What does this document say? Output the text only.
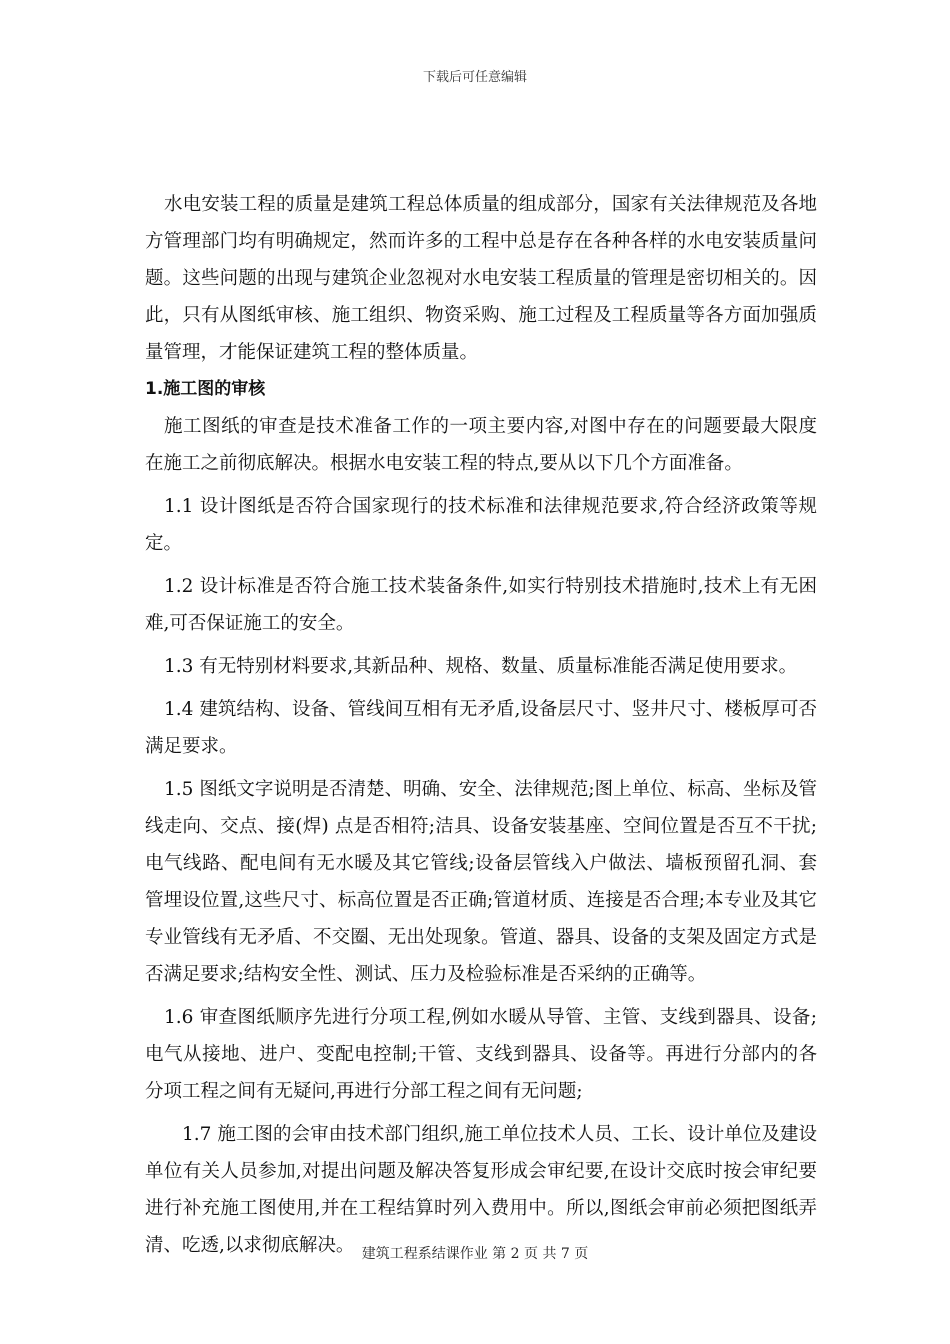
下载后可任意编辑

水电安装工程的质量是建筑工程总体质量的组成部分，国家有关法律规范及各地方管理部门均有明确规定，然而许多的工程中总是存在各种各样的水电安装质量问题。这些问题的出现与建筑企业忽视对水电安装工程质量的管理是密切相关的。因此，只有从图纸审核、施工组织、物资采购、施工过程及工程质量等各方面加强质量管理，才能保证建筑工程的整体质量。

1.施工图的审核

施工图纸的审查是技术准备工作的一项主要内容,对图中存在的问题要最大限度在施工之前彻底解决。根据水电安装工程的特点,要从以下几个方面准备。

1.1 设计图纸是否符合国家现行的技术标准和法律规范要求,符合经济政策等规定。

1.2 设计标准是否符合施工技术装备条件,如实行特别技术措施时,技术上有无困难,可否保证施工的安全。

1.3 有无特别材料要求,其新品种、规格、数量、质量标准能否满足使用要求。

1.4 建筑结构、设备、管线间互相有无矛盾,设备层尺寸、竖井尺寸、楼板厚可否满足要求。

1.5 图纸文字说明是否清楚、明确、安全、法律规范;图上单位、标高、坐标及管线走向、交点、接(焊) 点是否相符;洁具、设备安装基座、空间位置是否互不干扰;电气线路、配电间有无水暖及其它管线;设备层管线入户做法、墙板预留孔洞、套管埋设位置,这些尺寸、标高位置是否正确;管道材质、连接是否合理;本专业及其它专业管线有无矛盾、不交圈、无出处现象。管道、器具、设备的支架及固定方式是否满足要求;结构安全性、测试、压力及检验标准是否采纳的正确等。

1.6 审查图纸顺序先进行分项工程,例如水暖从导管、主管、支线到器具、设备;电气从接地、进户、变配电控制;干管、支线到器具、设备等。再进行分部内的各分项工程之间有无疑问,再进行分部工程之间有无问题;

1.7 施工图的会审由技术部门组织,施工单位技术人员、工长、设计单位及建设单位有关人员参加,对提出问题及解决答复形成会审纪要,在设计交底时按会审纪要进行补充施工图使用,并在工程结算时列入费用中。所以,图纸会审前必须把图纸弄清、吃透,以求彻底解决。 建筑工程系结课作业 第 2 页 共 7 页
